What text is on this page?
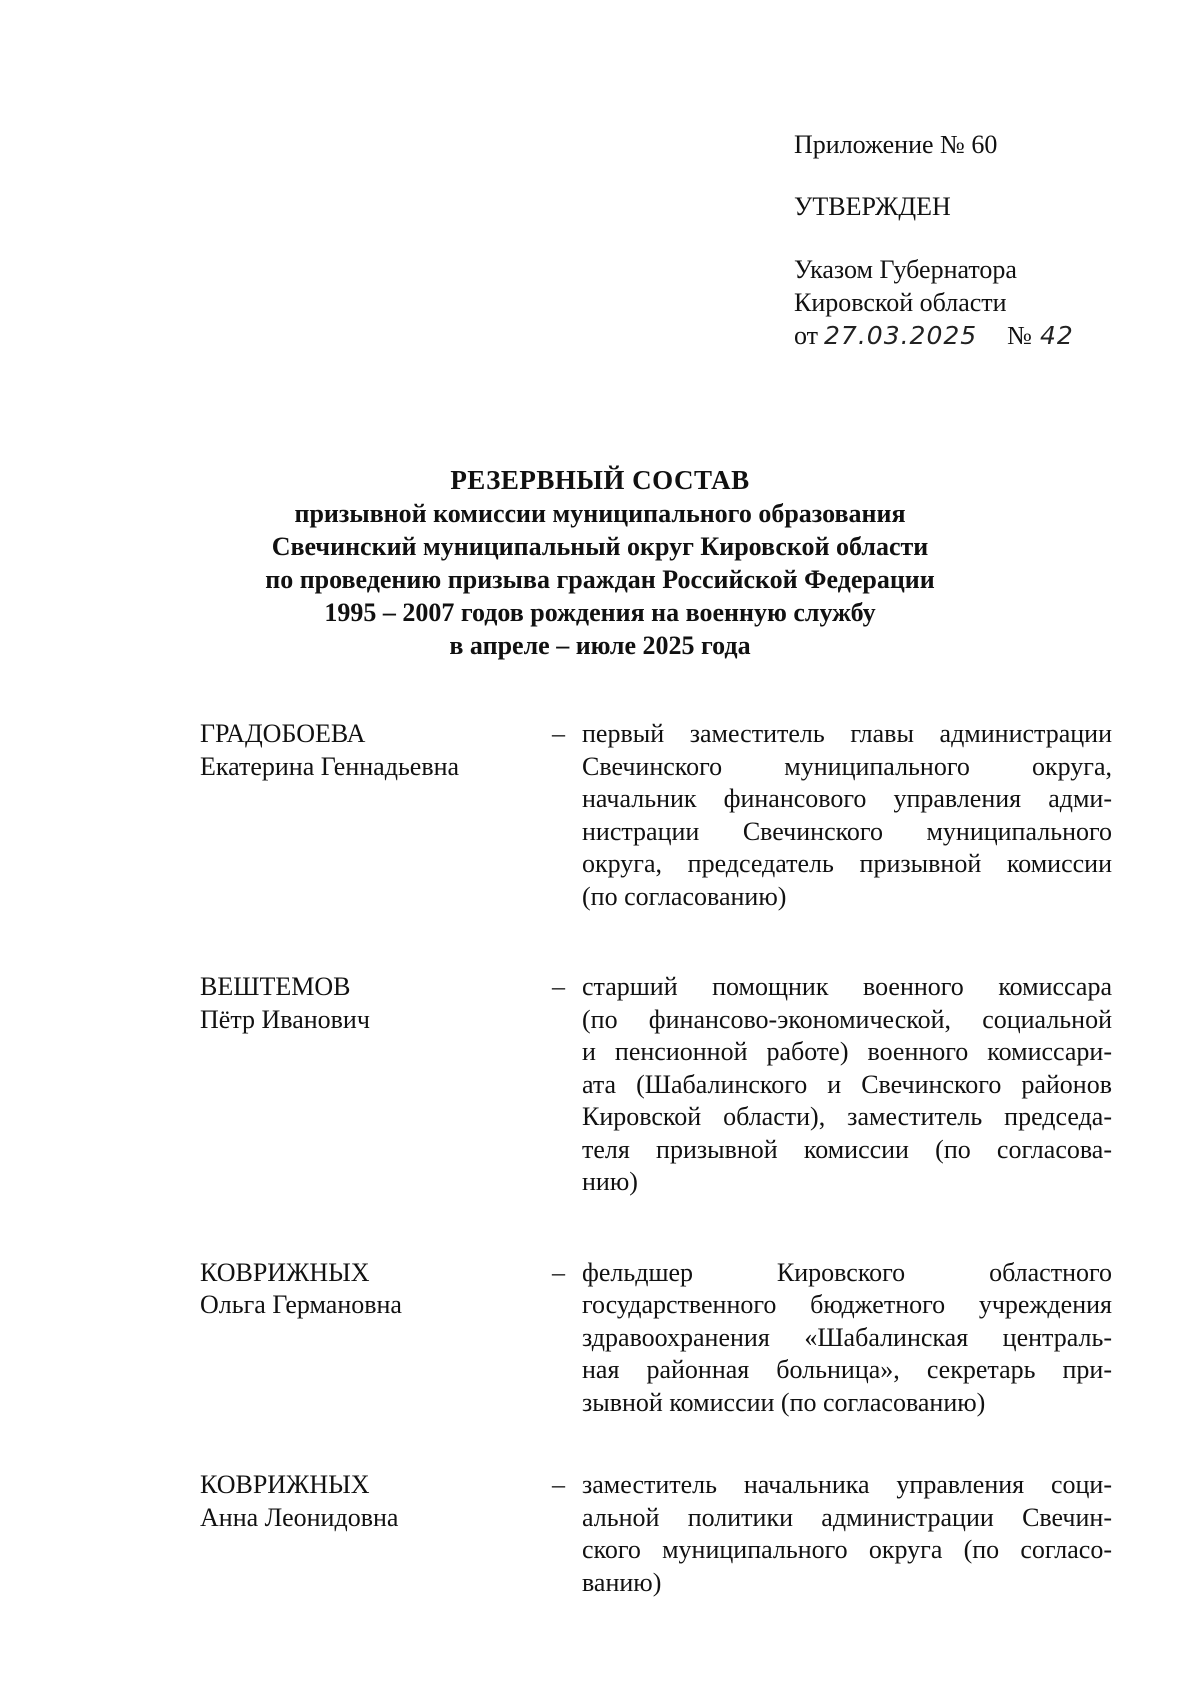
Приложение № 60
УТВЕРЖДЕН
Указом Губернатора
Кировской области
от 27.03.2025 № 42
РЕЗЕРВНЫЙ СОСТАВ
призывной комиссии муниципального образования
Свечинский муниципальный округ Кировской области
по проведению призыва граждан Российской Федерации
1995 – 2007 годов рождения на военную службу
в апреле – июле 2025 года
ГРАДОБОЕВА
Екатерина Геннадьевна
– первый заместитель главы администрации
Свечинского муниципального округа,
начальник финансового управления адми-
нистрации Свечинского муниципального
округа, председатель призывной комиссии
(по согласованию)
ВЕШТЕМОВ
Пётр Иванович
– старший помощник военного комиссара
(по финансово-экономической, социальной
и пенсионной работе) военного комиссари-
ата (Шабалинского и Свечинского районов
Кировской области), заместитель председа-
теля призывной комиссии (по согласова-
нию)
КОВРИЖНЫХ
Ольга Германовна
– фельдшер Кировского областного
государственного бюджетного учреждения
здравоохранения «Шабалинская централь-
ная районная больница», секретарь при-
зывной комиссии (по согласованию)
КОВРИЖНЫХ
Анна Леонидовна
– заместитель начальника управления соци-
альной политики администрации Свечин-
ского муниципального округа (по согласо-
ванию)
